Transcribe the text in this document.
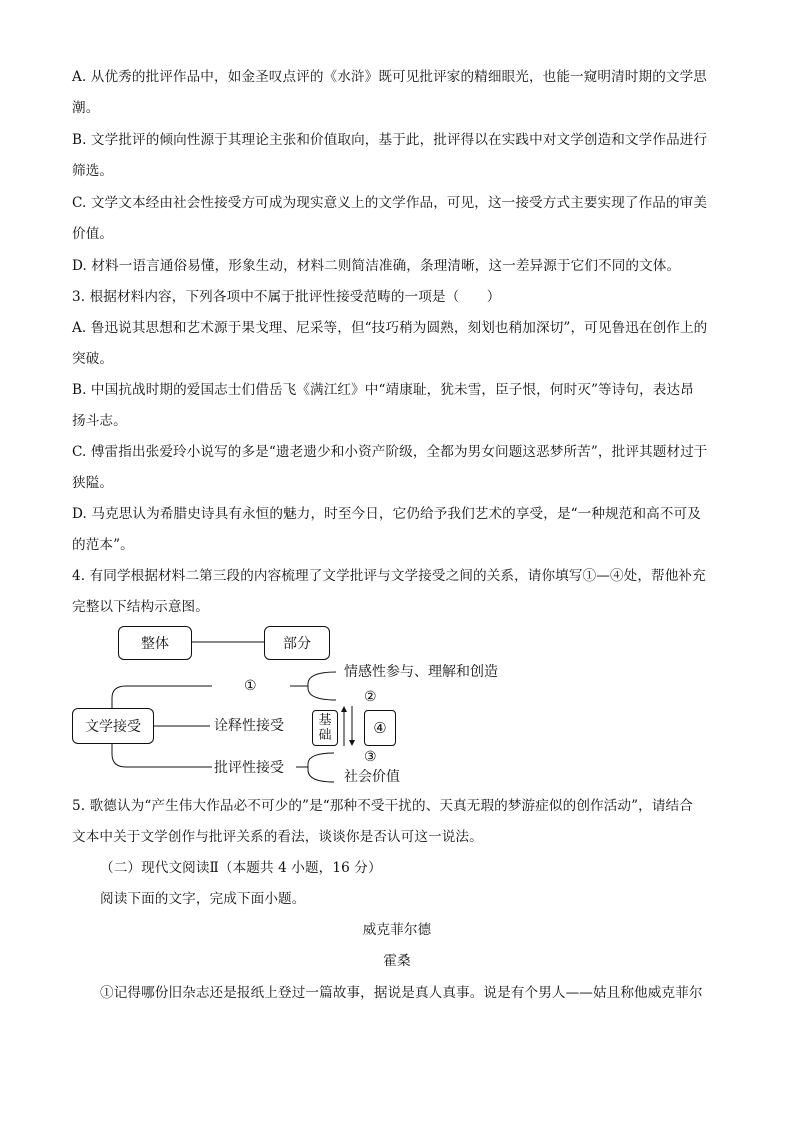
A. 从优秀的批评作品中，如金圣叹点评的《水浒》既可见批评家的精细眼光，也能一窥明清时期的文学思
潮。
B. 文学批评的倾向性源于其理论主张和价值取向，基于此，批评得以在实践中对文学创造和文学作品进行
筛选。
C. 文学文本经由社会性接受方可成为现实意义上的文学作品，可见，这一接受方式主要实现了作品的审美
价值。
D. 材料一语言通俗易懂，形象生动，材料二则简洁准确，条理清晰，这一差异源于它们不同的文体。
3. 根据材料内容，下列各项中不属于批评性接受范畴的一项是（　　）
A. 鲁迅说其思想和艺术源于果戈理、尼采等，但“技巧稍为圆熟，刻划也稍加深切”，可见鲁迅在创作上的
突破。
B. 中国抗战时期的爱国志士们借岳飞《满江红》中“靖康耻，犹未雪，臣子恨，何时灭”等诗句，表达昂
扬斗志。
C. 傅雷指出张爱玲小说写的多是“遗老遗少和小资产阶级，全都为男女问题这恶梦所苦”，批评其题材过于
狭隘。
D. 马克思认为希腊史诗具有永恒的魅力，时至今日，它仍给予我们艺术的享受，是“一种规范和高不可及
的范本”。
4. 有同学根据材料二第三段的内容梳理了文学批评与文学接受之间的关系，请你填写①—④处，帮他补充
完整以下结构示意图。
整体	部分
文学接受
①
情感性参与、理解和创造
②
诠释性接受	基
础	④
③
批评性接受
社会价值
5. 歌德认为“产生伟大作品必不可少的”是“那种不受干扰的、天真无瑕的梦游症似的创作活动”，请结合
文本中关于文学创作与批评关系的看法，谈谈你是否认可这一说法。
（二）现代文阅读Ⅱ（本题共 4 小题，16 分）
阅读下面的文字，完成下面小题。
威克菲尔德
霍桑
①记得哪份旧杂志还是报纸上登过一篇故事，据说是真人真事。说是有个男人——姑且称他威克菲尔
